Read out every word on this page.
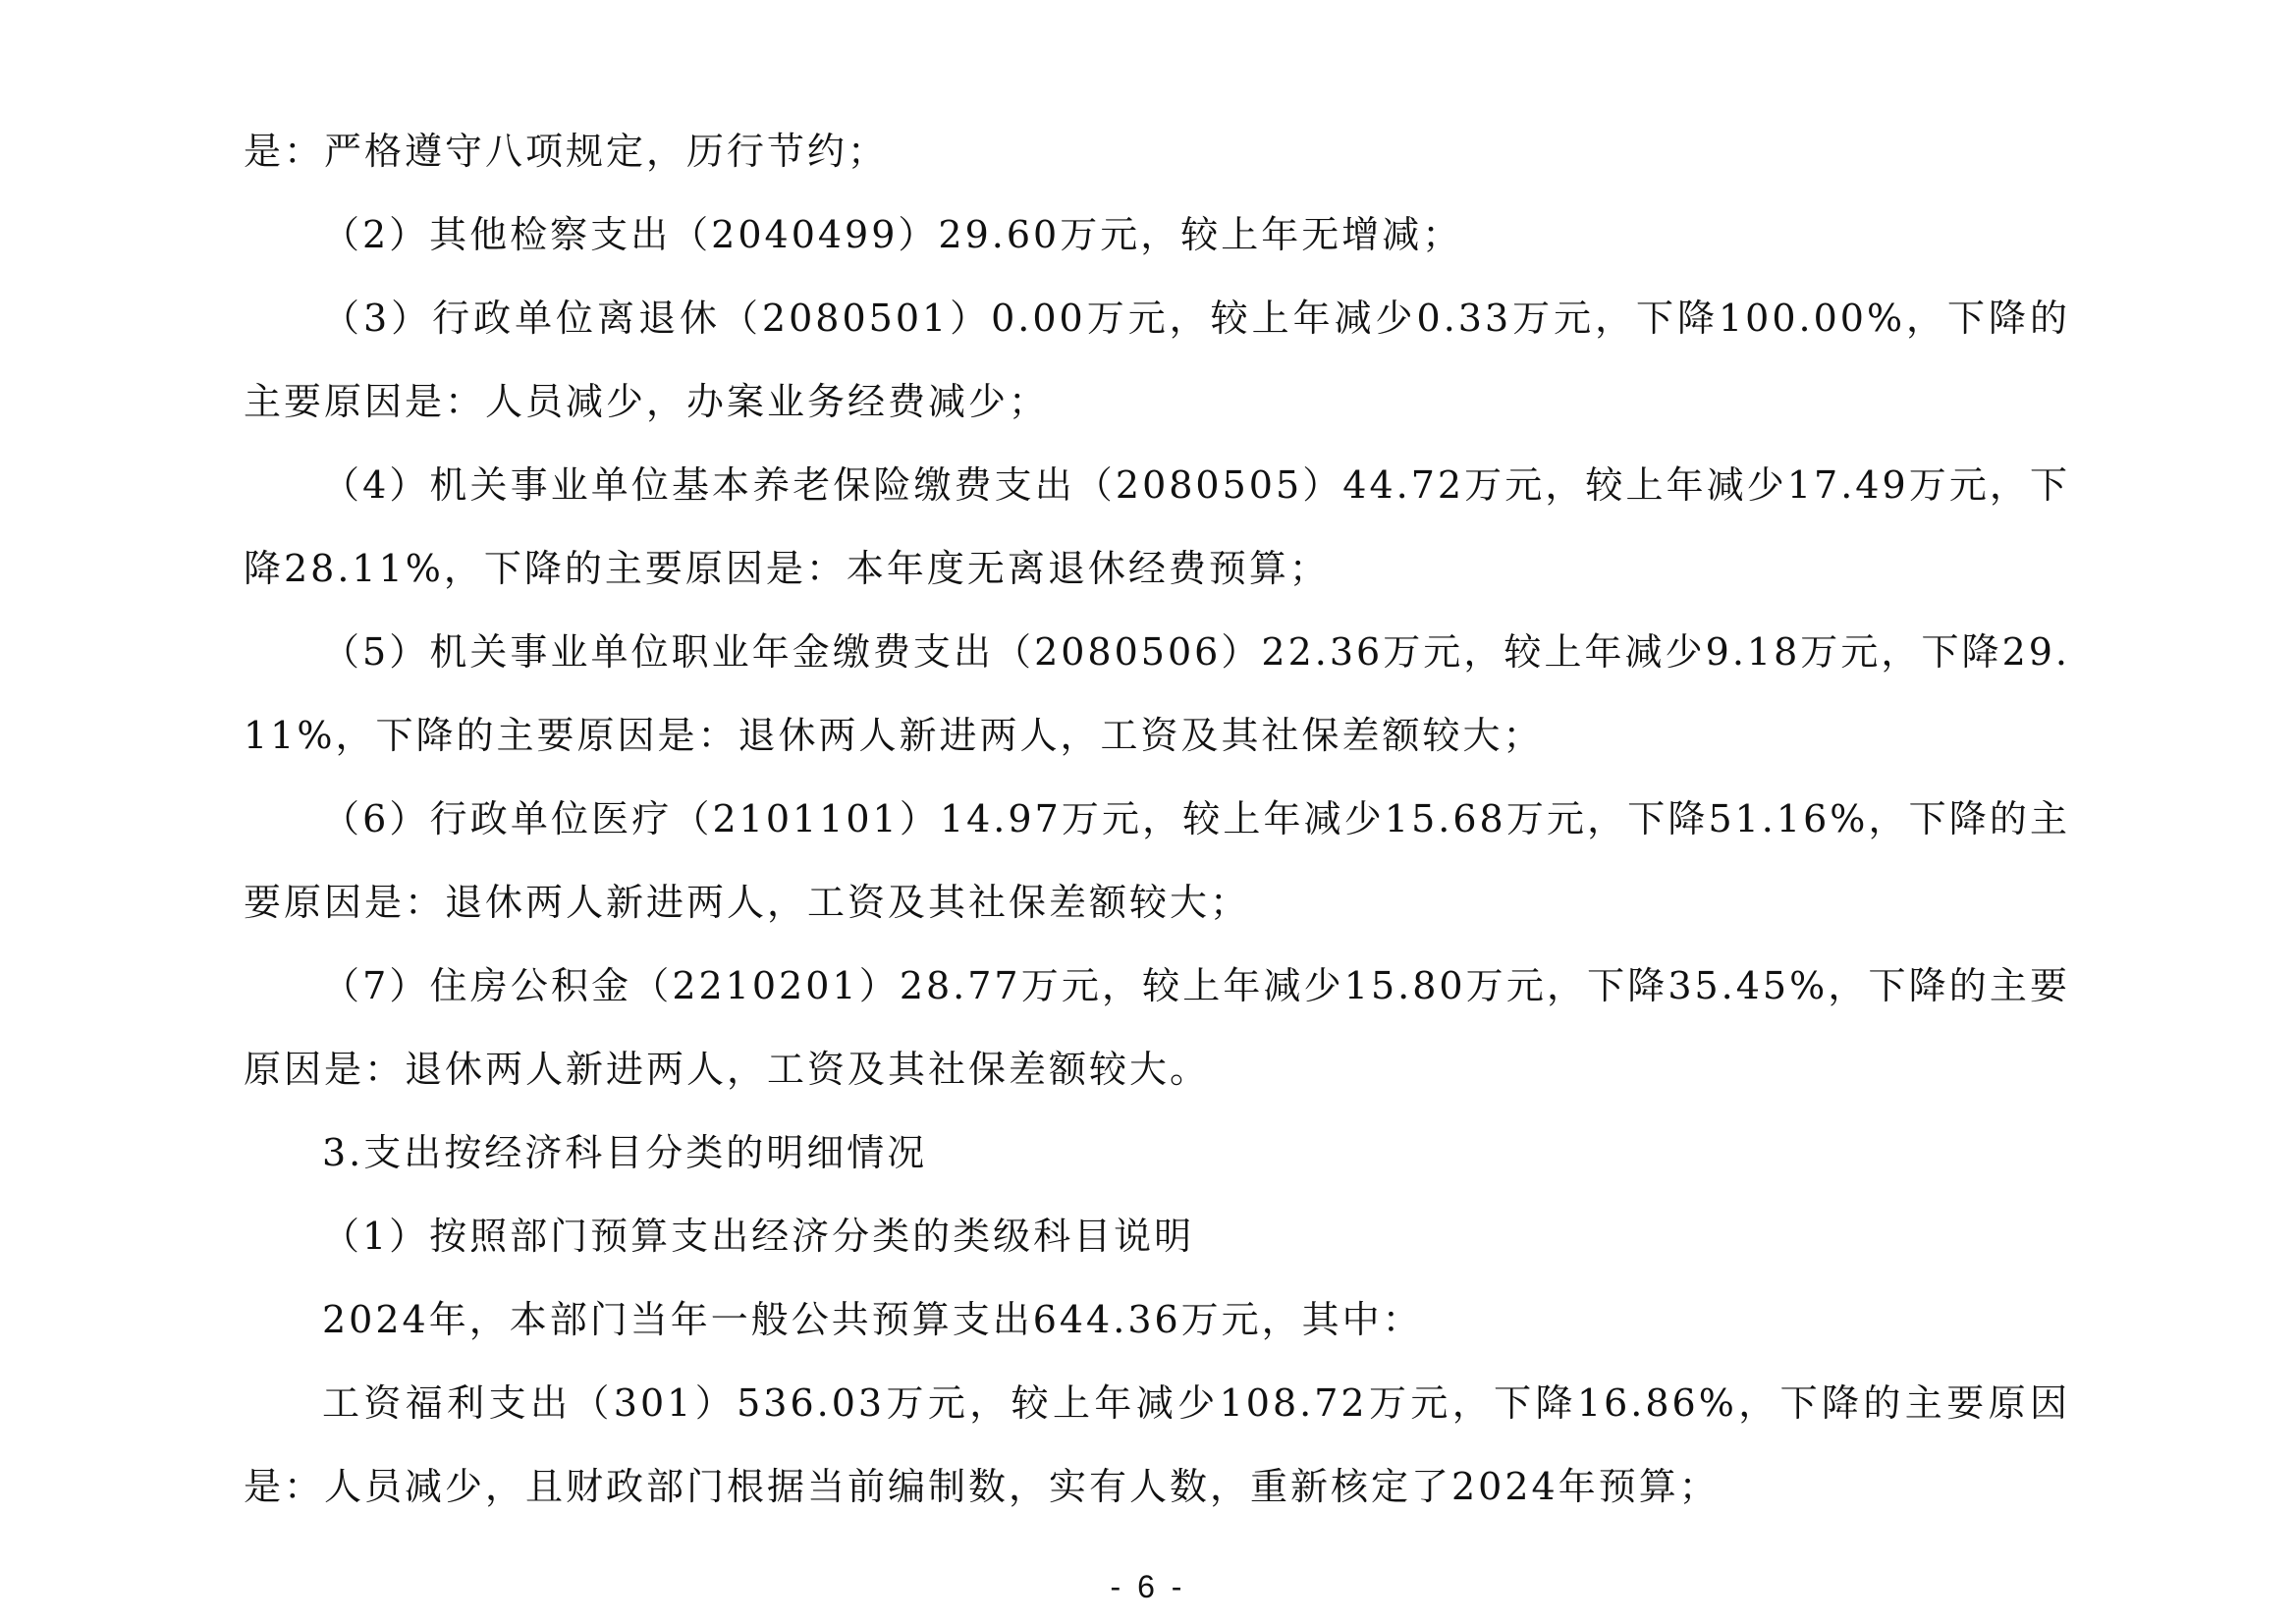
是：严格遵守八项规定，历行节约；

（2）其他检察支出（2040499）29.60万元，较上年无增减；

（3）行政单位离退休（2080501）0.00万元，较上年减少0.33万元，下降100.00%，下降的主要原因是：人员减少，办案业务经费减少；

（4）机关事业单位基本养老保险缴费支出（2080505）44.72万元，较上年减少17.49万元，下降28.11%，下降的主要原因是：本年度无离退休经费预算；

（5）机关事业单位职业年金缴费支出（2080506）22.36万元，较上年减少9.18万元，下降29.11%，下降的主要原因是：退休两人新进两人，工资及其社保差额较大；

（6）行政单位医疗（2101101）14.97万元，较上年减少15.68万元，下降51.16%，下降的主要原因是：退休两人新进两人，工资及其社保差额较大；

（7）住房公积金（2210201）28.77万元，较上年减少15.80万元，下降35.45%，下降的主要原因是：退休两人新进两人，工资及其社保差额较大。

3.支出按经济科目分类的明细情况

（1）按照部门预算支出经济分类的类级科目说明

2024年，本部门当年一般公共预算支出644.36万元，其中：

工资福利支出（301）536.03万元，较上年减少108.72万元，下降16.86%，下降的主要原因是：人员减少，且财政部门根据当前编制数，实有人数，重新核定了2024年预算；

- 6 -
